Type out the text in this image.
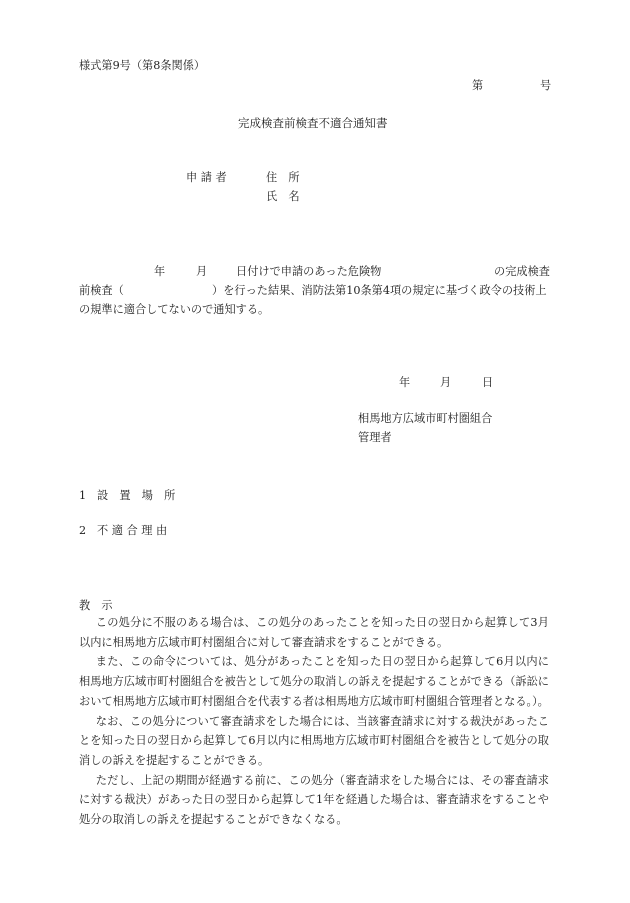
様式第9号（第8条関係）
第	号
完成検査前検査不適合通知書
申 請 者	住　所
氏　名
年	月	日付けで申請のあった危険物	の完成検査
前検査（	）を行った結果、消防法第10条第4項の規定に基づく政令の技術上
の規準に適合してないので通知する。
年	月	日
相馬地方広域市町村圏組合
管理者
1 設　置　場　所
2 不 適 合 理 由
教　示

この処分に不服のある場合は、この処分のあったことを知った日の翌日から起算して3月以内に相馬地方広域市町村圏組合に対して審査請求をすることができる。

また、この命令については、処分があったことを知った日の翌日から起算して6月以内に相馬地方広域市町村圏組合を被告として処分の取消しの訴えを提起することができる（訴訟において相馬地方広域市町村圏組合を代表する者は相馬地方広域市町村圏組合管理者となる。）。

なお、この処分について審査請求をした場合には、当該審査請求に対する裁決があったことを知った日の翌日から起算して6月以内に相馬地方広域市町村圏組合を被告として処分の取消しの訴えを提起することができる。

ただし、上記の期間が経過する前に、この処分（審査請求をした場合には、その審査請求に対する裁決）があった日の翌日から起算して1年を経過した場合は、審査請求をすることや処分の取消しの訴えを提起することができなくなる。
